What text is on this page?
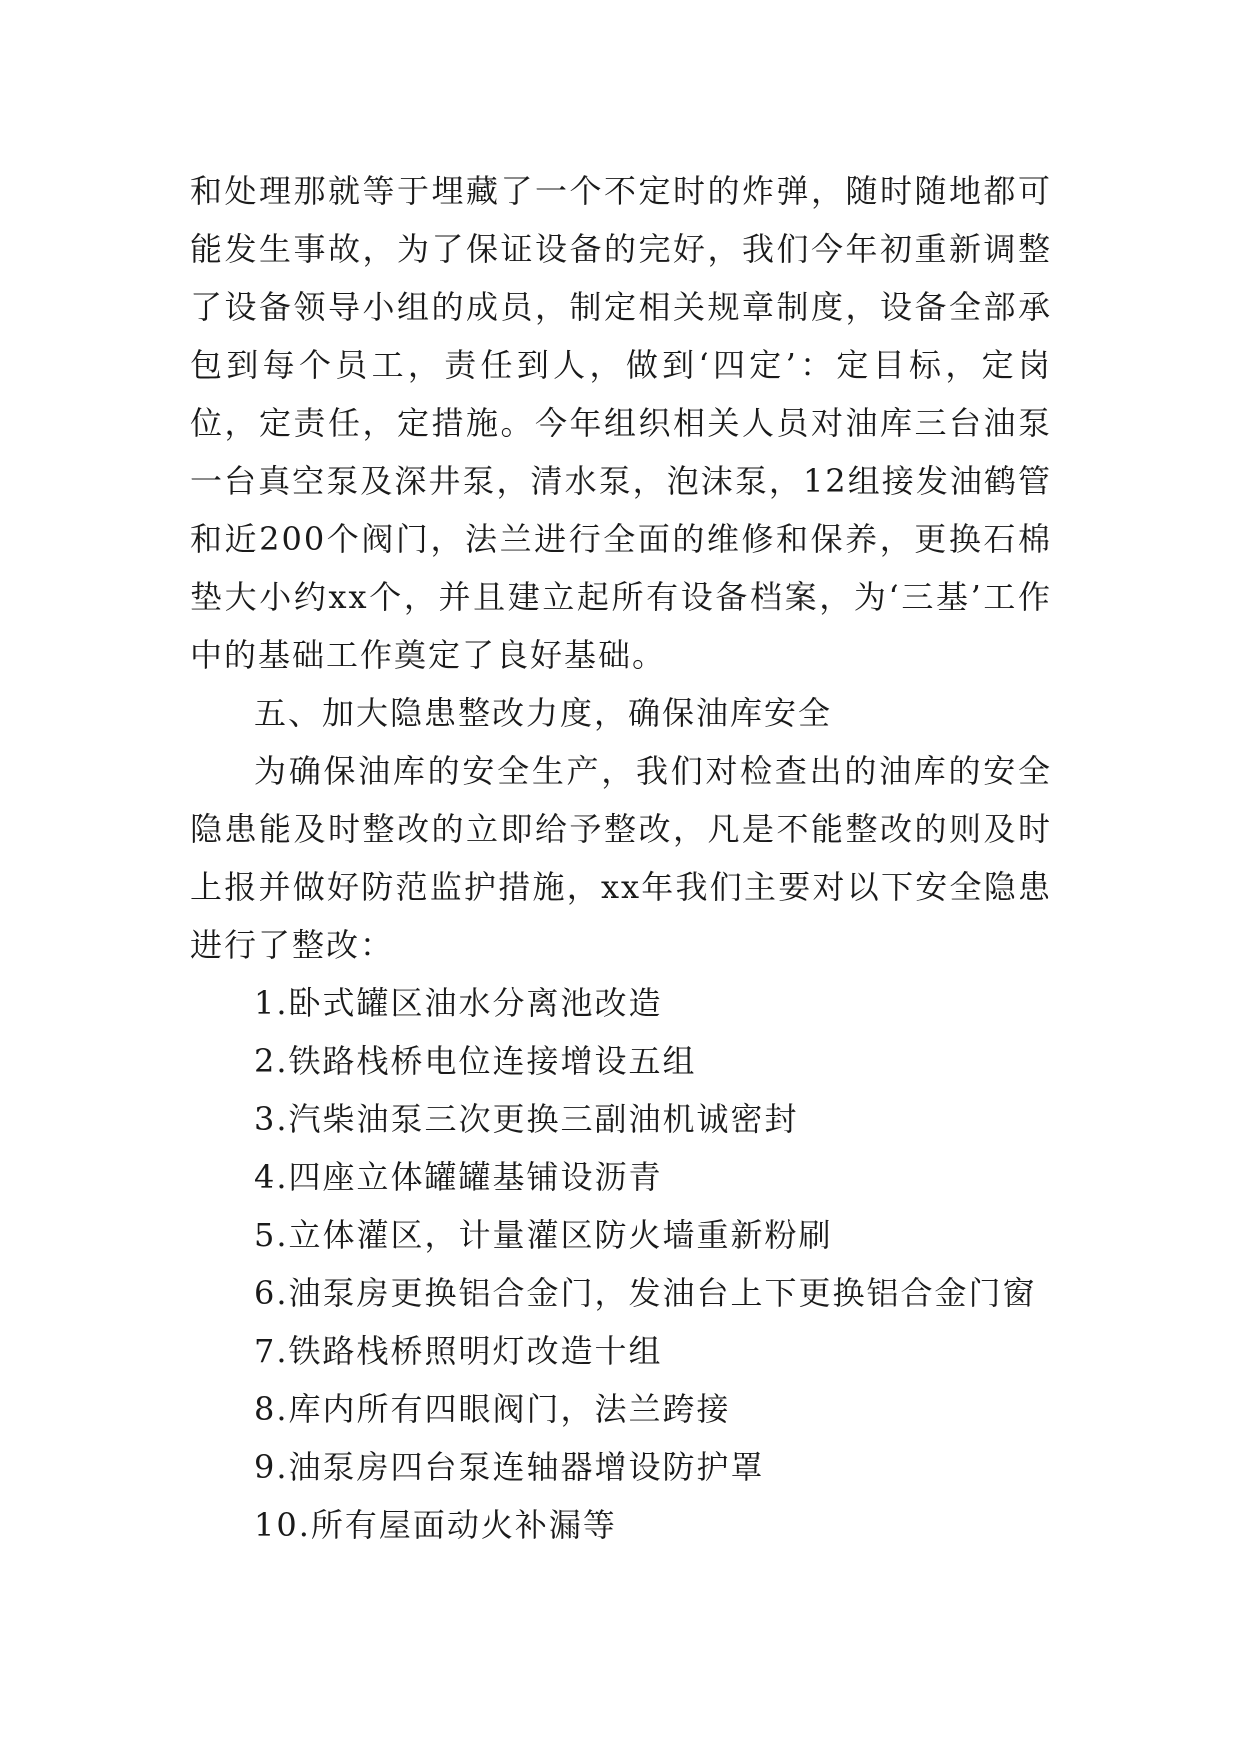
和处理那就等于埋藏了一个不定时的炸弹，随时随地都可能发生事故，为了保证设备的完好，我们今年初重新调整了设备领导小组的成员，制定相关规章制度，设备全部承包到每个员工，责任到人，做到‘四定’：定目标，定岗位，定责任，定措施。今年组织相关人员对油库三台油泵一台真空泵及深井泵，清水泵，泡沫泵，12组接发油鹤管和近200个阀门，法兰进行全面的维修和保养，更换石棉垫大小约xx个，并且建立起所有设备档案，为‘三基’工作中的基础工作奠定了良好基础。

五、加大隐患整改力度，确保油库安全

为确保油库的安全生产，我们对检查出的油库的安全隐患能及时整改的立即给予整改，凡是不能整改的则及时上报并做好防范监护措施，xx年我们主要对以下安全隐患进行了整改：

1.卧式罐区油水分离池改造
2.铁路栈桥电位连接增设五组
3.汽柴油泵三次更换三副油机诚密封
4.四座立体罐罐基铺设沥青
5.立体灌区，计量灌区防火墙重新粉刷
6.油泵房更换铝合金门，发油台上下更换铝合金门窗
7.铁路栈桥照明灯改造十组
8.库内所有四眼阀门，法兰跨接
9.油泵房四台泵连轴器增设防护罩
10.所有屋面动火补漏等
